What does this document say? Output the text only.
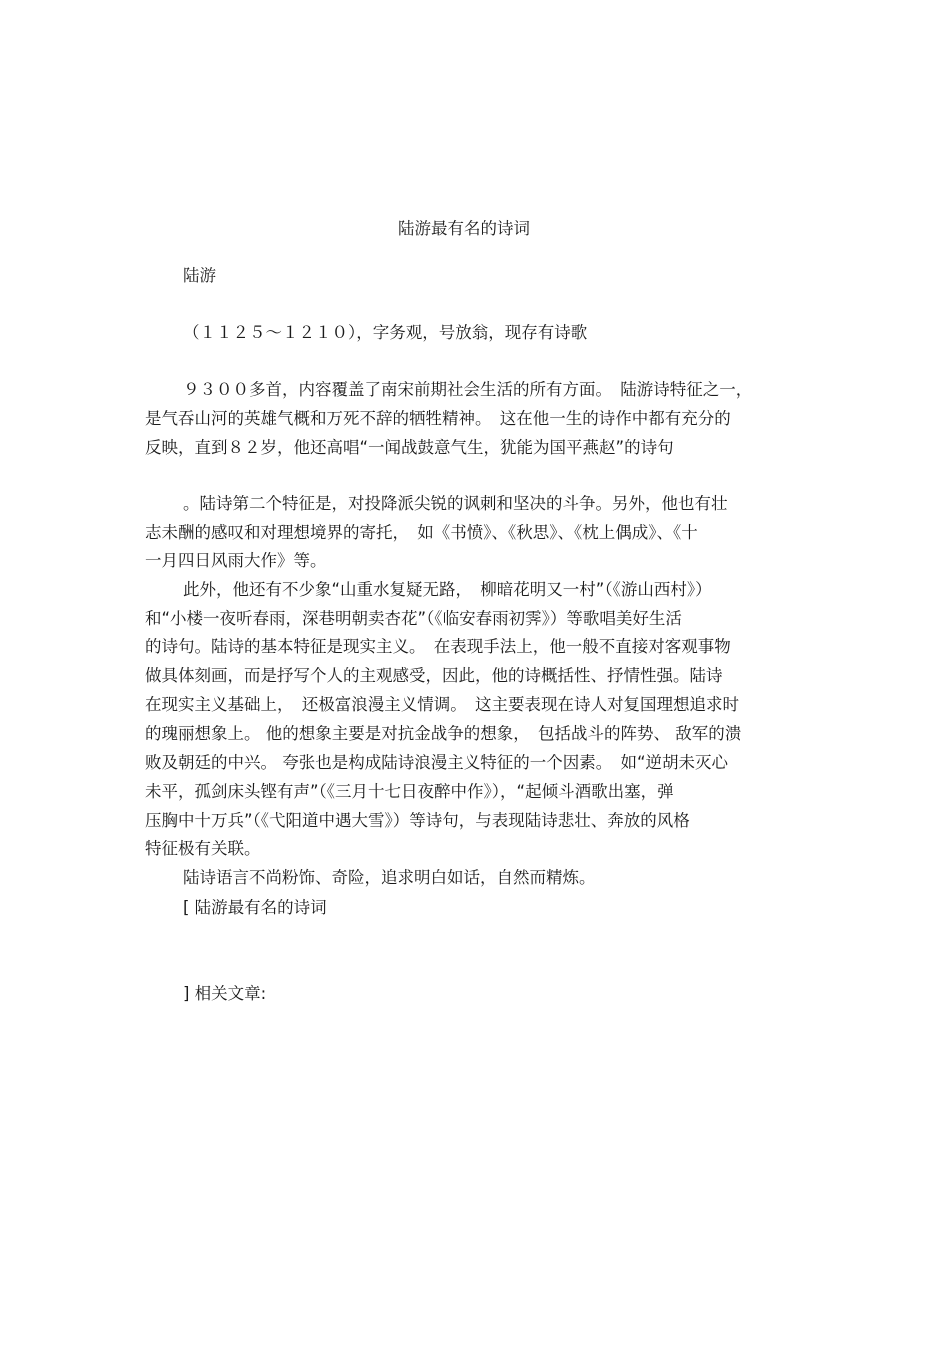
陆游最有名的诗词
陆游
（１１２５～１２１０），字务观，号放翁，现存有诗歌
９３００多首，内容覆盖了南宋前期社会生活的所有方面。　陆游诗特征之一，
是气吞山河的英雄气概和万死不辞的牺牲精神。　这在他一生的诗作中都有充分的
反映，直到８２岁，他还高唱“一闻战鼓意气生，犹能为国平燕赵”的诗句
。陆诗第二个特征是，对投降派尖锐的讽刺和坚决的斗争。另外，他也有壮
志未酬的感叹和对理想境界的寄托，　如《书愤》、《秋思》、《枕上偶成》、《十
一月四日风雨大作》等。
此外，他还有不少象“山重水复疑无路，　柳暗花明又一村”（《游山西村》）
和“小楼一夜听春雨，深巷明朝卖杏花”（《临安春雨初霁》）等歌唱美好生活
的诗句。陆诗的基本特征是现实主义。　在表现手法上，他一般不直接对客观事物
做具体刻画，而是抒写个人的主观感受，因此，他的诗概括性、抒情性强。陆诗
在现实主义基础上，　还极富浪漫主义情调。　这主要表现在诗人对复国理想追求时
的瑰丽想象上。 他的想象主要是对抗金战争的想象，　包括战斗的阵势、 敌军的溃
败及朝廷的中兴。 夸张也是构成陆诗浪漫主义特征的一个因素。　如“逆胡未灭心
未平，孤剑床头铿有声”（《三月十七日夜醉中作》），“起倾斗酒歌出塞，弹
压胸中十万兵”（《弋阳道中遇大雪》）等诗句，与表现陆诗悲壮、奔放的风格
特征极有关联。
陆诗语言不尚粉饰、奇险，追求明白如话，自然而精炼。
[ 陆游最有名的诗词
] 相关文章:
